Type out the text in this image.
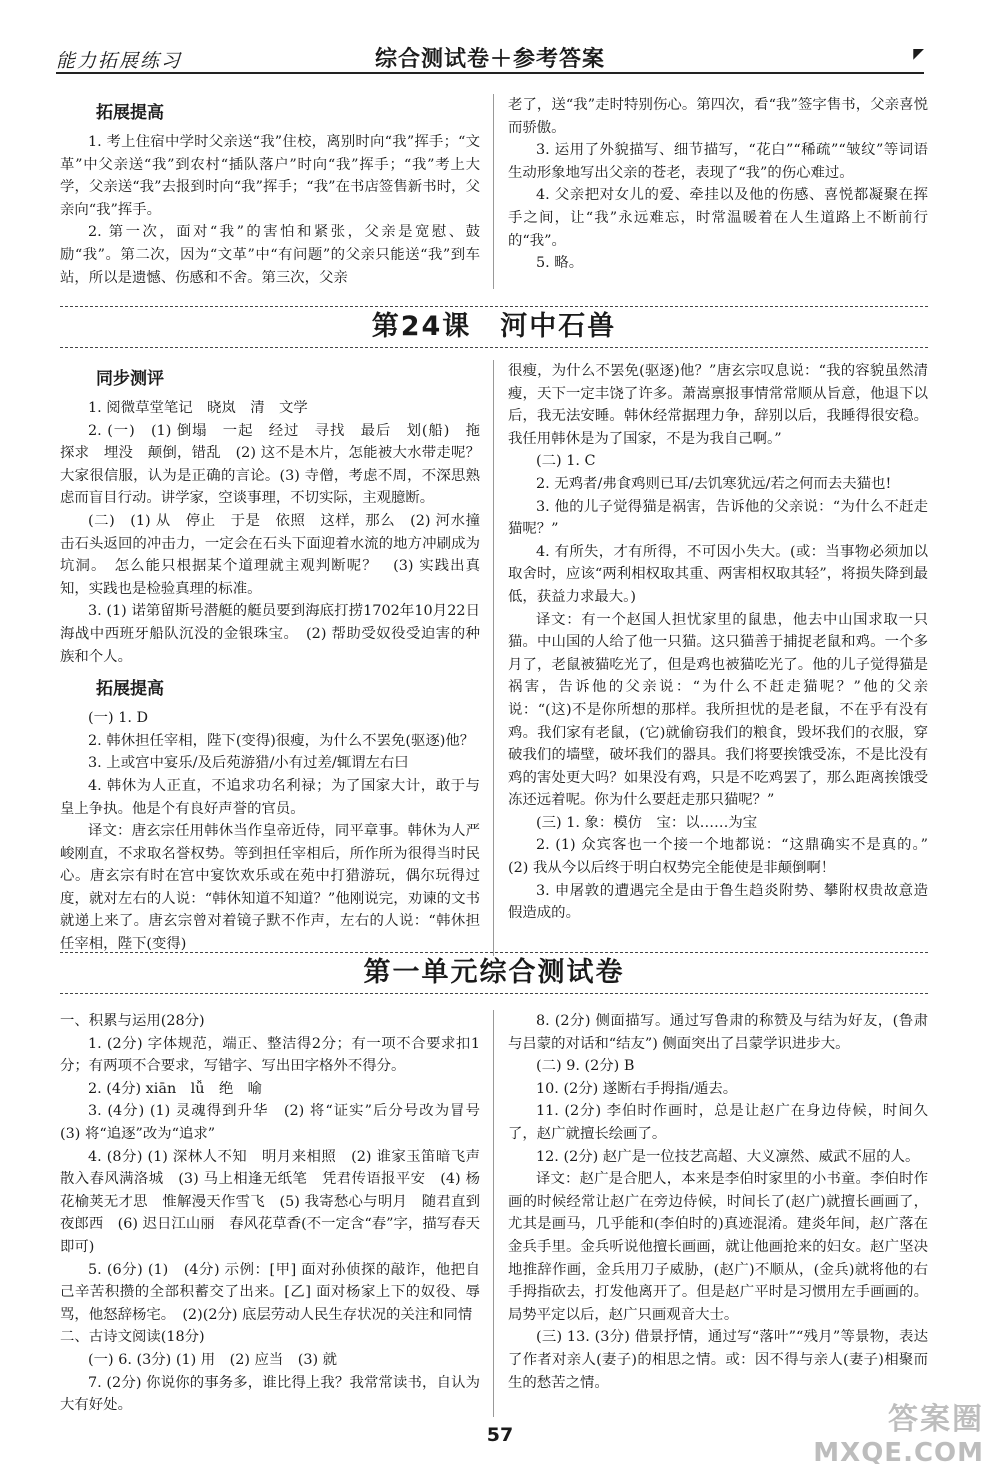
能力拓展练习	综合测试卷＋参考答案	◤
拓展提高

1. 考上住宿中学时父亲送“我”住校，离别时向“我”挥手；“文革”中父亲送“我”到农村“插队落户”时向“我”挥手；“我”考上大学，父亲送“我”去报到时向“我”挥手；“我”在书店签售新书时，父亲向“我”挥手。

2. 第一次，面对“我”的害怕和紧张，父亲是宽慰、鼓励“我”。第二次，因为“文革”中“有问题”的父亲只能送“我”到车站，所以是遗憾、伤感和不舍。第三次，父亲

老了，送“我”走时特别伤心。第四次，看“我”签字售书，父亲喜悦而骄傲。

3. 运用了外貌描写、细节描写，“花白”“稀疏”“皱纹”等词语生动形象地写出父亲的苍老，表现了“我”的伤心难过。

4. 父亲把对女儿的爱、牵挂以及他的伤感、喜悦都凝聚在挥手之间，让“我”永远难忘，时常温暖着在人生道路上不断前行的“我”。

5. 略。

第24课　河中石兽
同步测评

1. 阅微草堂笔记　晓岚　清　文学

2. (一)　(1) 倒塌　一起　经过　寻找　最后　划(船)　拖　探求　埋没　颠倒，错乱　(2) 这不是木片，怎能被大水带走呢？　大家很信服，认为是正确的言论。(3) 寺僧，考虑不周，不深思熟虑而盲目行动。讲学家，空谈事理，不切实际，主观臆断。

(二)　(1) 从　停止　于是　依照　这样，那么　(2) 河水撞击石头返回的冲击力，一定会在石头下面迎着水流的地方冲刷成为坑洞。　怎么能只根据某个道理就主观判断呢？　(3) 实践出真知，实践也是检验真理的标准。

3. (1) 诺第留斯号潜艇的艇员要到海底打捞1702年10月22日海战中西班牙船队沉没的金银珠宝。　(2) 帮助受奴役受迫害的种族和个人。

拓展提高

(一) 1. D

2. 韩休担任宰相，陛下(变得)很瘦，为什么不罢免(驱逐)他？

3. 上或宫中宴乐/及后苑游猎/小有过差/辄谓左右曰

4. 韩休为人正直，不追求功名利禄；为了国家大计，敢于与皇上争执。他是个有良好声誉的官员。

译文：唐玄宗任用韩休当作皇帝近侍，同平章事。韩休为人严峻刚直，不求取名誉权势。等到担任宰相后，所作所为很得当时民心。唐玄宗有时在宫中宴饮欢乐或在苑中打猎游玩，偶尔玩得过度，就对左右的人说：“韩休知道不知道？”他刚说完，劝谏的文书就递上来了。唐玄宗曾对着镜子默不作声，左右的人说：“韩休担任宰相，陛下(变得)

很瘦，为什么不罢免(驱逐)他？”唐玄宗叹息说：“我的容貌虽然清瘦，天下一定丰饶了许多。萧嵩禀报事情常常顺从旨意，他退下以后，我无法安睡。韩休经常据理力争，辞别以后，我睡得很安稳。我任用韩休是为了国家，不是为我自己啊。”

(二) 1. C

2. 无鸡者/弗食鸡则已耳/去饥寒犹远/若之何而去夫猫也!

3. 他的儿子觉得猫是祸害，告诉他的父亲说：“为什么不赶走猫呢？”

4. 有所失，才有所得，不可因小失大。(或：当事物必须加以取舍时，应该“两利相权取其重、两害相权取其轻”，将损失降到最低，获益力求最大。)

译文：有一个赵国人担忧家里的鼠患，他去中山国求取一只猫。中山国的人给了他一只猫。这只猫善于捕捉老鼠和鸡。一个多月了，老鼠被猫吃光了，但是鸡也被猫吃光了。他的儿子觉得猫是祸害，告诉他的父亲说：“为什么不赶走猫呢？”他的父亲说：“(这)不是你所想的那样。我所担忧的是老鼠，不在乎有没有鸡。我们家有老鼠，(它)就偷窃我们的粮食，毁坏我们的衣服，穿破我们的墙壁，破坏我们的器具。我们将要挨饿受冻，不是比没有鸡的害处更大吗？如果没有鸡，只是不吃鸡罢了，那么距离挨饿受冻还远着呢。你为什么要赶走那只猫呢？”

(三) 1. 象：模仿　宝：以……为宝

2. (1) 众宾客也一个接一个地都说：“这鼎确实不是真的。”　(2) 我从今以后终于明白权势完全能使是非颠倒啊！

3. 申屠敦的遭遇完全是由于鲁生趋炎附势、攀附权贵故意造假造成的。

第一单元综合测试卷

一、积累与运用(28分)

1. (2分) 字体规范，端正、整洁得2分；有一项不合要求扣1分；有两项不合要求，写错字、写出田字格外不得分。

2. (4分) xiān　lǚ　绝　喻

3. (4分) (1) 灵魂得到升华　(2) 将“证实”后分号改为冒号　(3) 将“追逐”改为“追求”

4. (8分) (1) 深林人不知　明月来相照　(2) 谁家玉笛暗飞声　散入春风满洛城　(3) 马上相逢无纸笔　凭君传语报平安　(4) 杨花榆荚无才思　惟解漫天作雪飞　(5) 我寄愁心与明月　随君直到夜郎西　(6) 迟日江山丽　春风花草香(不一定含“春”字，描写春天即可)

5. (6分) (1)　(4分) 示例：[甲] 面对孙侦探的敲诈，他把自己辛苦积攒的全部积蓄交了出来。[乙] 面对杨家上下的奴役、辱骂，他怒辞杨宅。　(2)(2分) 底层劳动人民生存状况的关注和同情

二、古诗文阅读(18分)

(一) 6. (3分) (1) 用　(2) 应当　(3) 就

7. (2分) 你说你的事务多，谁比得上我？我常常读书，自认为大有好处。

8. (2分) 侧面描写。通过写鲁肃的称赞及与结为好友，(鲁肃与吕蒙的对话和“结友”) 侧面突出了吕蒙学识进步大。

(二) 9. (2分) B

10. (2分) 遂断右手拇指/遁去。

11. (2分) 李伯时作画时，总是让赵广在身边侍候，时间久了，赵广就擅长绘画了。

12. (2分) 赵广是一位技艺高超、大义凛然、威武不屈的人。

译文：赵广是合肥人，本来是李伯时家里的小书童。李伯时作画的时候经常让赵广在旁边侍候，时间长了(赵广)就擅长画画了，尤其是画马，几乎能和(李伯时的)真迹混淆。建炎年间，赵广落在金兵手里。金兵听说他擅长画画，就让他画抢来的妇女。赵广坚决地推辞作画，金兵用刀子威胁，(赵广)不顺从，(金兵)就将他的右手拇指砍去，打发他离开了。但是赵广平时是习惯用左手画画的。局势平定以后，赵广只画观音大士。

(三) 13. (3分) 借景抒情，通过写“落叶”“残月”等景物，表达了作者对亲人(妻子)的相思之情。或：因不得与亲人(妻子)相聚而生的愁苦之情。

57	答案圈
MXQE.COM
